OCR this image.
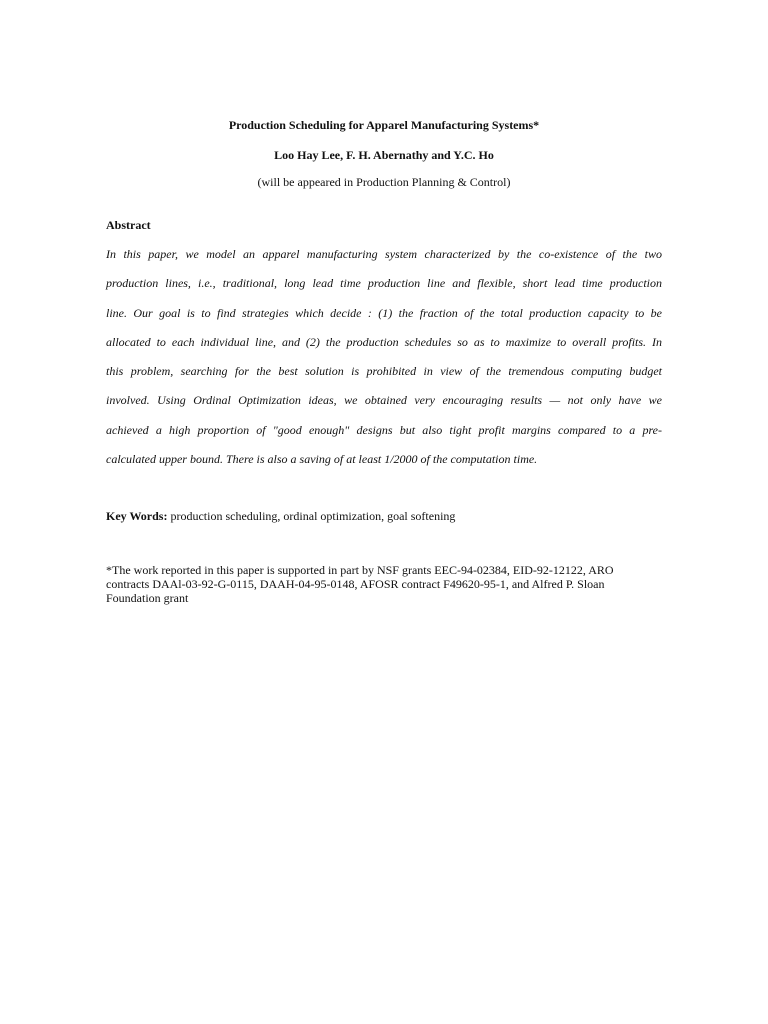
Production Scheduling for Apparel Manufacturing Systems*

Loo Hay Lee, F. H. Abernathy and Y.C. Ho

(will be appeared in Production Planning & Control)

Abstract

In this paper, we model an apparel manufacturing system characterized by the co-existence of the two
production lines, i.e., traditional, long lead time production line and flexible, short lead time production
line. Our goal is to find strategies which decide : (1) the fraction of the total production capacity to be
allocated to each individual line, and (2) the production schedules so as to maximize to overall profits. In
this problem, searching for the best solution is prohibited in view of the tremendous computing budget
involved. Using Ordinal Optimization ideas, we obtained very encouraging results — not only have we
achieved a high proportion of "good enough" designs but also tight profit margins compared to a pre-
calculated upper bound. There is also a saving of at least 1/2000 of the computation time.

Key Words: production scheduling, ordinal optimization, goal softening

*The work reported in this paper is supported in part by NSF grants EEC-94-02384, EID-92-12122, ARO contracts DAAl-03-92-G-0115, DAAH-04-95-0148, AFOSR contract F49620-95-1, and Alfred P. Sloan Foundation grant
